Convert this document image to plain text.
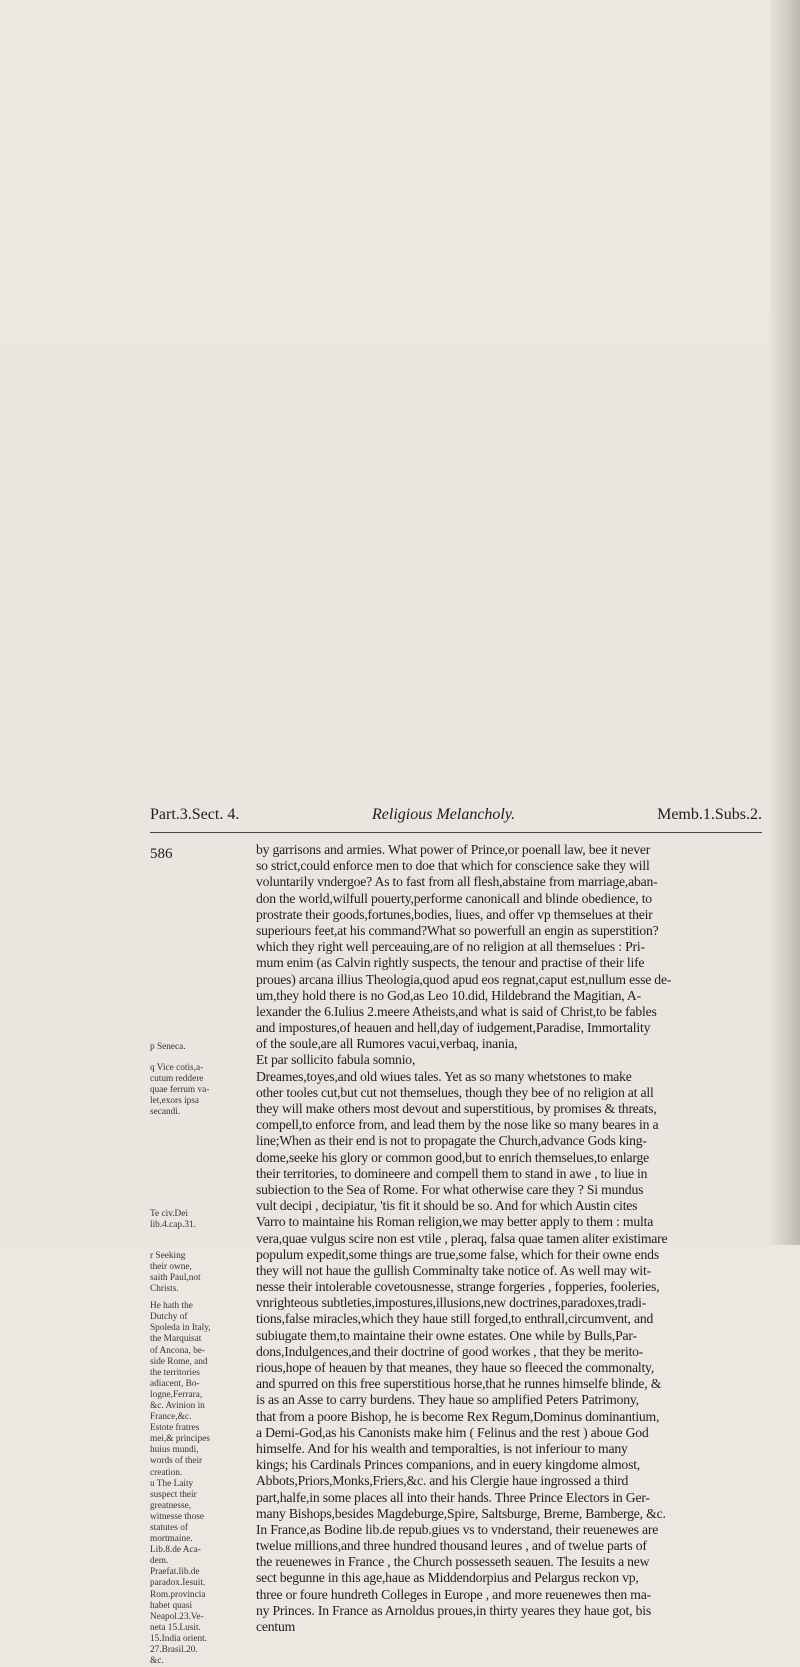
Part.3.Sect. 4.	Religious Melancholy.	Memb.1.Subs.2.
586
p Seneca.
q Vice cotis,a-
cutum reddere
quae ferrum va-
let,exors ipsa
secandi.
Te civ.Dei
lib.4.cap.31.
r Seeking
their owne,
saith Paul,not
Christs.
He hath the
Dutchy of
Spoleda in Italy,
the Marquisat
of Ancona, be-
side Rome, and
the territories
adiacent, Bo-
logne,Ferrara,
&c. Avinion in
France,&c.
Estote fratres
mei,& principes
huius mundi,
words of their
creation.
u The Laity
suspect their
greatnesse,
witnesse those
statutes of
mortmaine.
Lib.8.de Aca-
dem.
Praefat.lib.de
paradox.Iesuit.
Rom.provincia
habet quasi
Neapol.23.Ve-
neta 15.Lusit.
15.India orient.
27.Brasil.20.
&c.
by garrisons and armies. What power of Prince,or poenall law, bee it never
so strict,could enforce men to doe that which for conscience sake they will
voluntarily vndergoe? As to fast from all flesh,abstaine from marriage,aban-
don the world,wilfull pouerty,performe canonicall and blinde obedience, to
prostrate their goods,fortunes,bodies, liues, and offer vp themselues at their
superiours feet,at his command?What so powerfull an engin as superstition?
which they right well perceauing,are of no religion at all themselues : Pri-
mum enim (as Calvin rightly suspects, the tenour and practise of their life
proues) arcana illius Theologia,quod apud eos regnat,caput est,nullum esse de-
um,they hold there is no God,as Leo 10.did, Hildebrand the Magitian, A-
lexander the 6.Iulius 2.meere Atheists,and what is said of Christ,to be fables
and impostures,of heauen and hell,day of iudgement,Paradise, Immortality
of the soule,are all Rumores vacui,verbaq, inania,
Et par sollicito fabula somnio,
Dreames,toyes,and old wiues tales. Yet as so many whetstones to make
other tooles cut,but cut not themselues, though they bee of no religion at all
they will make others most devout and superstitious, by promises & threats,
compell,to enforce from, and lead them by the nose like so many beares in a
line;When as their end is not to propagate the Church,advance Gods king-
dome,seeke his glory or common good,but to enrich themselues,to enlarge
their territories, to domineere and compell them to stand in awe , to liue in
subiection to the Sea of Rome. For what otherwise care they ? Si mundus
vult decipi , decipiatur, 'tis fit it should be so. And for which Austin cites
Varro to maintaine his Roman religion,we may better apply to them : multa
vera,quae vulgus scire non est vtile , pleraq, falsa quae tamen aliter existimare
populum expedit,some things are true,some false, which for their owne ends
they will not haue the gullish Comminalty take notice of. As well may wit-
nesse their intolerable covetousnesse, strange forgeries , fopperies, fooleries,
vnrighteous subtleties,impostures,illusions,new doctrines,paradoxes,tradi-
tions,false miracles,which they haue still forged,to enthrall,circumvent, and
subiugate them,to maintaine their owne estates. One while by Bulls,Par-
dons,Indulgences,and their doctrine of good workes , that they be merito-
rious,hope of heauen by that meanes, they haue so fleeced the commonalty,
and spurred on this free superstitious horse,that he runnes himselfe blinde, &
is as an Asse to carry burdens. They haue so amplified Peters Patrimony,
that from a poore Bishop, he is become Rex Regum,Dominus dominantium,
a Demi-God,as his Canonists make him ( Felinus and the rest ) aboue God
himselfe. And for his wealth and temporalties, is not inferiour to many
kings; his Cardinals Princes companions, and in euery kingdome almost,
Abbots,Priors,Monks,Friers,&c. and his Clergie haue ingrossed a third
part,halfe,in some places all into their hands. Three Prince Electors in Ger-
many Bishops,besides Magdeburge,Spire, Saltsburge, Breme, Bamberge, &c.
In France,as Bodine lib.de repub.giues vs to vnderstand, their reuenewes are
twelue millions,and three hundred thousand leures , and of twelue parts of
the reuenewes in France , the Church possesseth seauen. The Iesuits a new
sect begunne in this age,haue as Middendorpius and Pelargus reckon vp,
three or foure hundreth Colleges in Europe , and more reuenewes then ma-
ny Princes. In France as Arnoldus proues,in thirty yeares they haue got, bis
centum
